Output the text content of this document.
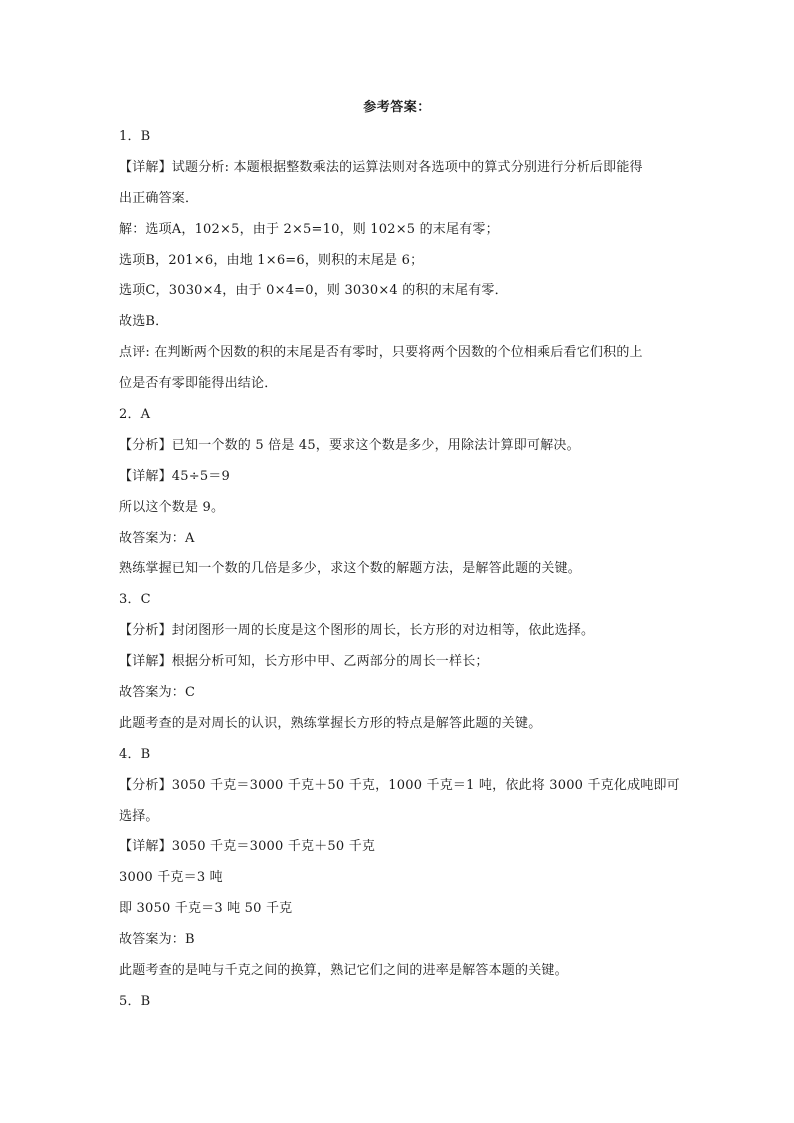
参考答案：
1．B
【详解】试题分析: 本题根据整数乘法的运算法则对各选项中的算式分别进行分析后即能得
出正确答案．
解：选项A，102×5，由于 2×5=10，则 102×5 的末尾有零；
选项B，201×6，由地 1×6=6，则积的末尾是 6；
选项C，3030×4，由于 0×4=0，则 3030×4 的积的末尾有零．
故选B．
点评: 在判断两个因数的积的末尾是否有零时，只要将两个因数的个位相乘后看它们积的上
位是否有零即能得出结论．
2．A
【分析】已知一个数的 5 倍是 45，要求这个数是多少，用除法计算即可解决。
【详解】45÷5＝9
所以这个数是 9。
故答案为：A
熟练掌握已知一个数的几倍是多少，求这个数的解题方法，是解答此题的关键。
3．C
【分析】封闭图形一周的长度是这个图形的周长，长方形的对边相等，依此选择。
【详解】根据分析可知，长方形中甲、乙两部分的周长一样长；
故答案为：C
此题考查的是对周长的认识，熟练掌握长方形的特点是解答此题的关键。
4．B
【分析】3050 千克＝3000 千克＋50 千克，1000 千克＝1 吨，依此将 3000 千克化成吨即可
选择。
【详解】3050 千克＝3000 千克＋50 千克
3000 千克＝3 吨
即 3050 千克＝3 吨 50 千克
故答案为：B
此题考查的是吨与千克之间的换算，熟记它们之间的进率是解答本题的关键。
5．B
